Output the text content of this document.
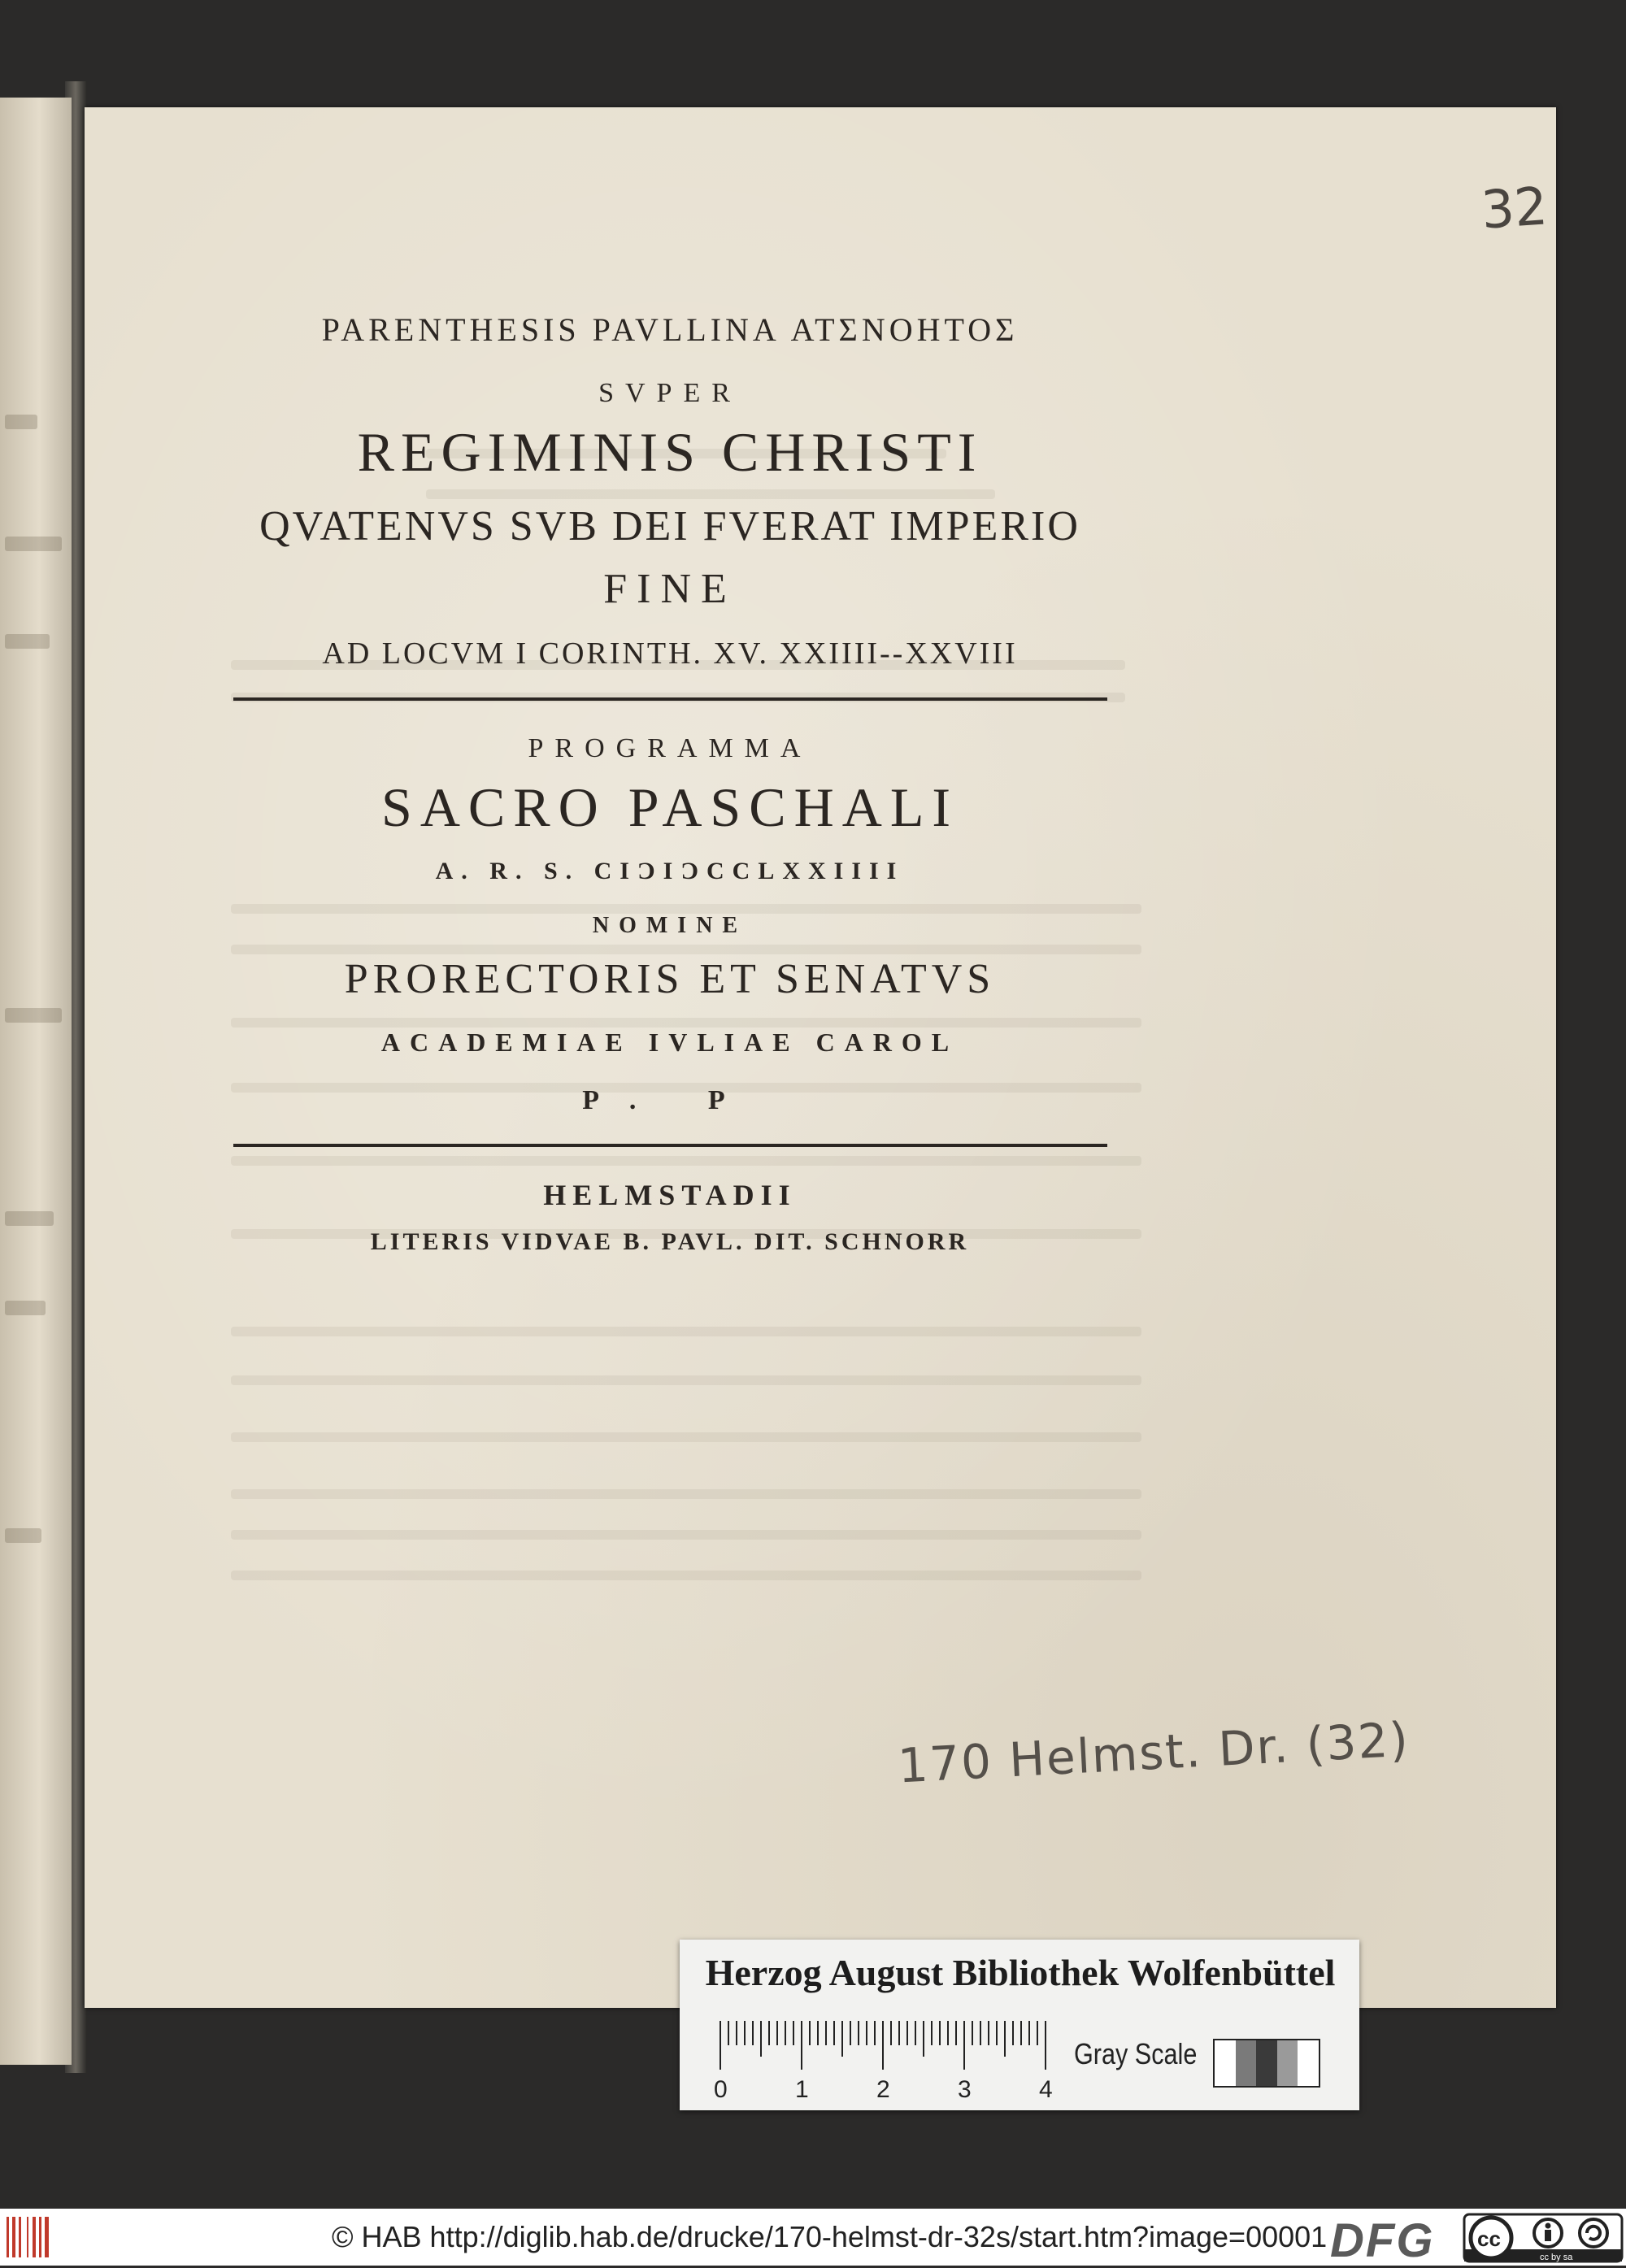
32
PARENTHESIS PAVLLINA ΑΤΣΝΟΗΤΟΣ
SVPER
REGIMINIS CHRISTI
QVATENVS SVB DEI FVERAT IMPERIO
FINE
AD LOCVM I CORINTH. XV. XXIIII--XXVIII
PROGRAMMA
SACRO PASCHALI
A. R. S. CIƆIƆCCLXXIIII
NOMINE
PRORECTORIS ET SENATVS
ACADEMIAE IVLIAE CAROL
P. P
HELMSTADII
LITERIS VIDVAE B. PAVL. DIT. SCHNORR
170 Helmst. Dr. (32)
Herzog August Bibliothek Wolfenbüttel
0	1	2	3	4
Gray Scale
© HAB http://diglib.hab.de/drucke/170-helmst-dr-32s/start.htm?image=00001 DFG cc
cc by sa
